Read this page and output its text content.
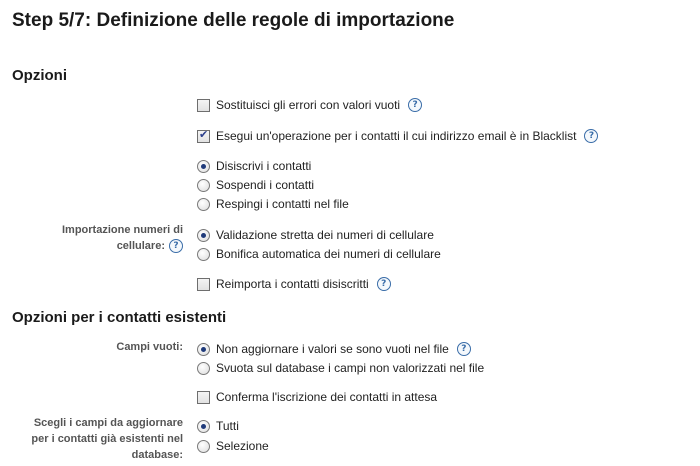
Step 5/7: Definizione delle regole di importazione
Opzioni
Sostituisci gli errori con valori vuoti	?
✔
Esegui un'operazione per i contatti il cui indirizzo email è in Blacklist	?
Disiscrivi i contatti
Sospendi i contatti
Respingi i contatti nel file
Importazione numeri di
cellulare: ?
Validazione stretta dei numeri di cellulare
Bonifica automatica dei numeri di cellulare
Reimporta i contatti disiscritti	?
Opzioni per i contatti esistenti
Campi vuoti:	Non aggiornare i valori se sono vuoti nel file	?
Svuota sul database i campi non valorizzati nel file
Conferma l'iscrizione dei contatti in attesa
Scegli i campi da aggiornare
per i contatti già esistenti nel
database:
Tutti
Selezione
